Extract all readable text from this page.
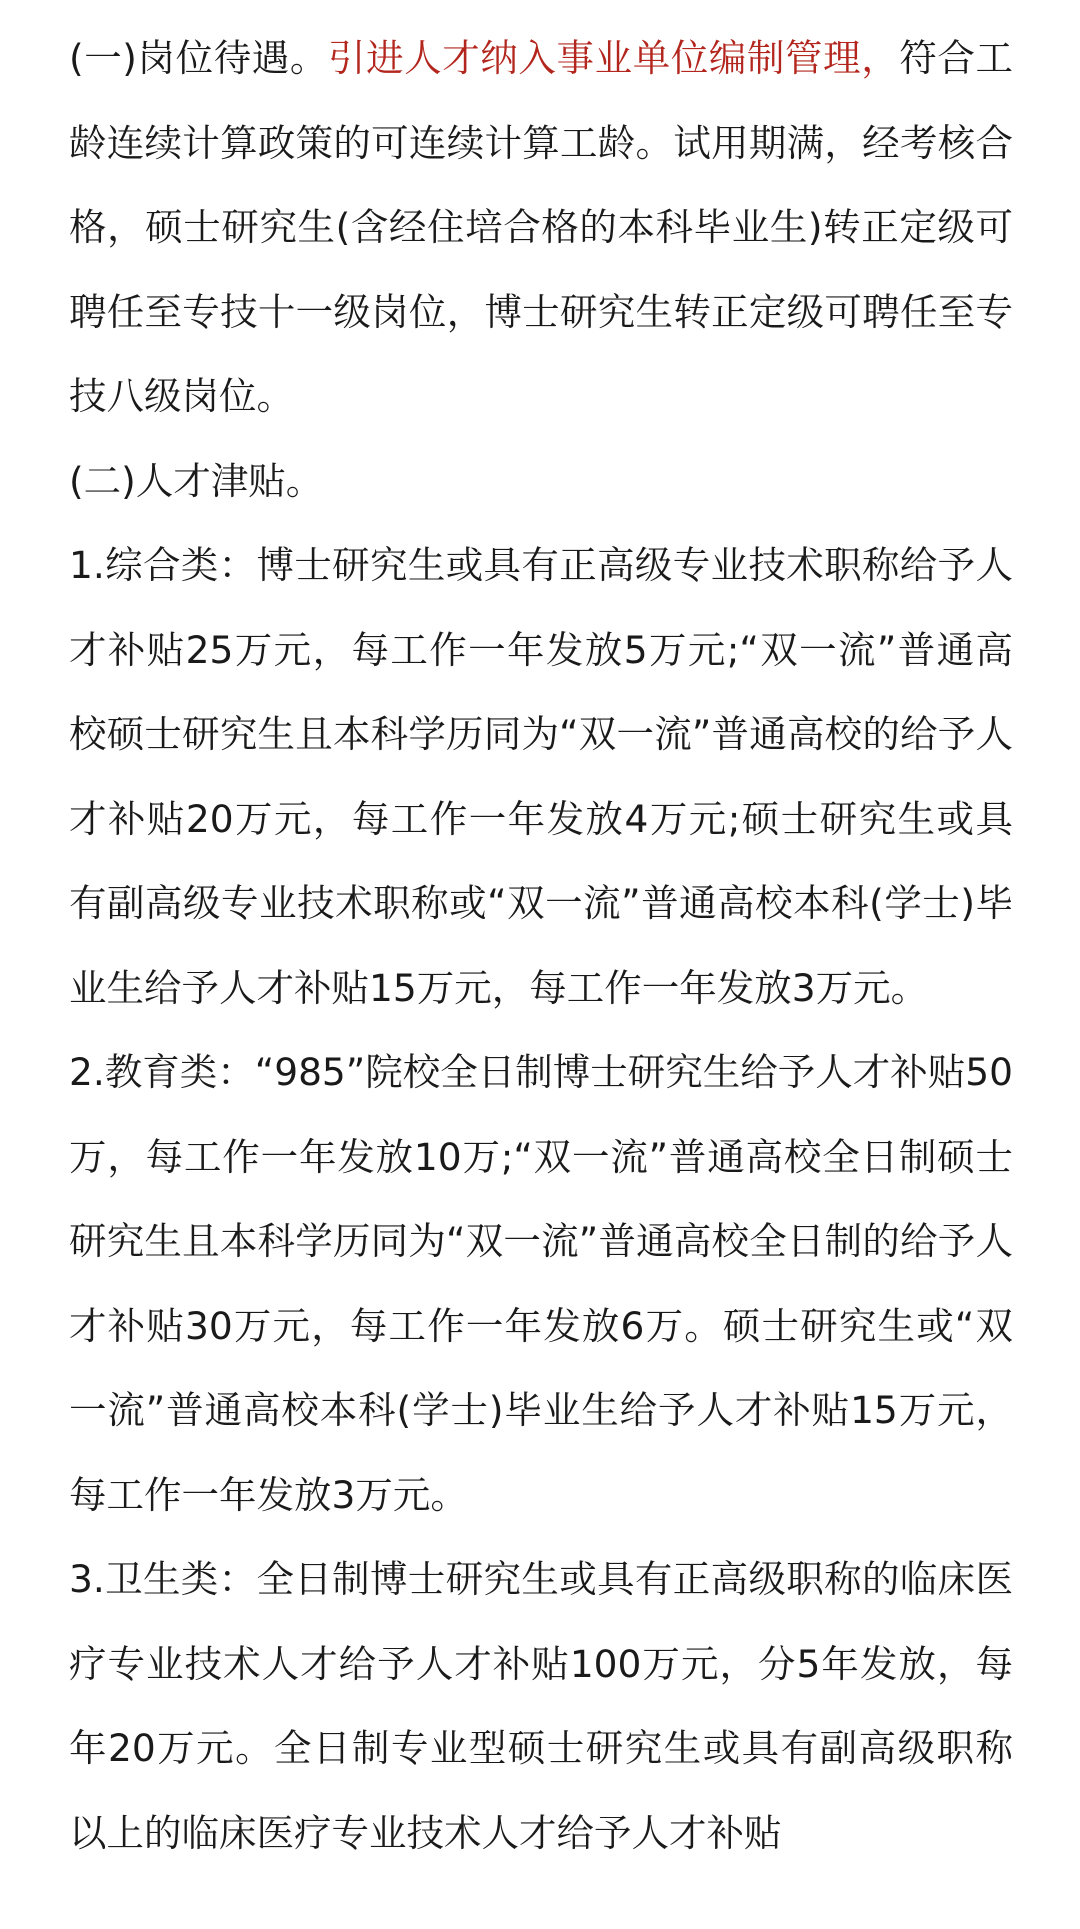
(一)岗位待遇。引进人才纳入事业单位编制管理，符合工龄连续计算政策的可连续计算工龄。试用期满，经考核合格，硕士研究生(含经住培合格的本科毕业生)转正定级可聘任至专技十一级岗位，博士研究生转正定级可聘任至专技八级岗位。

(二)人才津贴。

1.综合类：博士研究生或具有正高级专业技术职称给予人才补贴25万元，每工作一年发放5万元;“双一流”普通高校硕士研究生且本科学历同为“双一流”普通高校的给予人才补贴20万元，每工作一年发放4万元;硕士研究生或具有副高级专业技术职称或“双一流”普通高校本科(学士)毕业生给予人才补贴15万元，每工作一年发放3万元。

2.教育类：“985”院校全日制博士研究生给予人才补贴50万，每工作一年发放10万;“双一流”普通高校全日制硕士研究生且本科学历同为“双一流”普通高校全日制的给予人才补贴30万元，每工作一年发放6万。硕士研究生或“双一流”普通高校本科(学士)毕业生给予人才补贴15万元，每工作一年发放3万元。

3.卫生类：全日制博士研究生或具有正高级职称的临床医疗专业技术人才给予人才补贴100万元，分5年发放，每年20万元。全日制专业型硕士研究生或具有副高级职称以上的临床医疗专业技术人才给予人才补贴
